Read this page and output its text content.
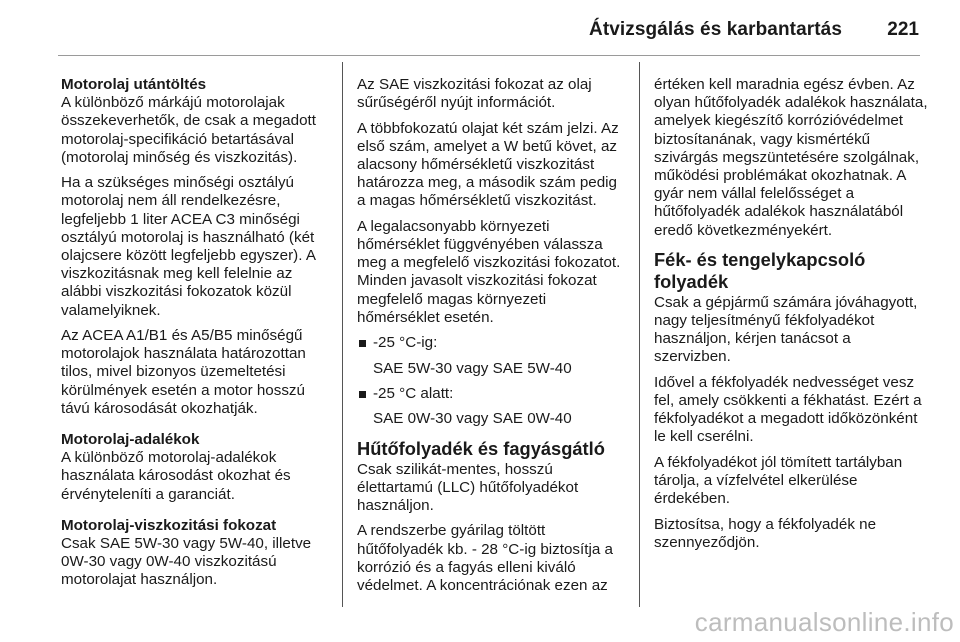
Átvizsgálás és karbantartás 221
Motorolaj utántöltés

A különböző márkájú motorolajak összekeverhetők, de csak a megadott motorolaj-specifikáció betartásával (motorolaj minőség és viszkozitás).

Ha a szükséges minőségi osztályú motorolaj nem áll rendelkezésre, legfeljebb 1 liter ACEA C3 minőségi osztályú motorolaj is használható (két olajcsere között legfeljebb egyszer). A viszkozitásnak meg kell felelnie az alábbi viszkozitási fokozatok közül valamelyiknek.

Az ACEA A1/B1 és A5/B5 minőségű motorolajok használata határozottan tilos, mivel bizonyos üzemeltetési körülmények esetén a motor hosszú távú károsodását okozhatják.

Motorolaj-adalékok

A különböző motorolaj-adalékok használata károsodást okozhat és érvényteleníti a garanciát.

Motorolaj-viszkozitási fokozat

Csak SAE 5W-30 vagy 5W-40, illetve 0W-30 vagy 0W-40 viszkozitású motorolajat használjon.

Az SAE viszkozitási fokozat az olaj sűrűségéről nyújt információt.

A többfokozatú olajat két szám jelzi. Az első szám, amelyet a W betű követ, az alacsony hőmérsékletű viszkozitást határozza meg, a második szám pedig a magas hőmérsékletű viszkozitást.

A legalacsonyabb környezeti hőmérséklet függvényében válassza meg a megfelelő viszkozitási fokozatot. Minden javasolt viszkozitási fokozat megfelelő magas környezeti hőmérséklet esetén.

-25 °C-ig:
SAE 5W-30 vagy SAE 5W-40
-25 °C alatt:
SAE 0W-30 vagy SAE 0W-40
Hűtőfolyadék és fagyásgátló

Csak szilikát-mentes, hosszú élettartamú (LLC) hűtőfolyadékot használjon.

A rendszerbe gyárilag töltött hűtőfolyadék kb. - 28 °C-ig biztosítja a korrózió és a fagyás elleni kiváló védelmet. A koncentrációnak ezen az

értéken kell maradnia egész évben. Az olyan hűtőfolyadék adalékok használata, amelyek kiegészítő korrózióvédelmet biztosítanának, vagy kismértékű szivárgás megszüntetésére szolgálnak, működési problémákat okozhatnak. A gyár nem vállal felelősséget a hűtőfolyadék adalékok használatából eredő következményekért.

Fék- és tengelykapcsoló folyadék

Csak a gépjármű számára jóváhagyott, nagy teljesítményű fékfolyadékot használjon, kérjen tanácsot a szervizben.

Idővel a fékfolyadék nedvességet vesz fel, amely csökkenti a fékhatást. Ezért a fékfolyadékot a megadott időközönként le kell cserélni.

A fékfolyadékot jól tömített tartályban tárolja, a vízfelvétel elkerülése érdekében.

Biztosítsa, hogy a fékfolyadék ne szennyeződjön.

carmanualsonline.info
